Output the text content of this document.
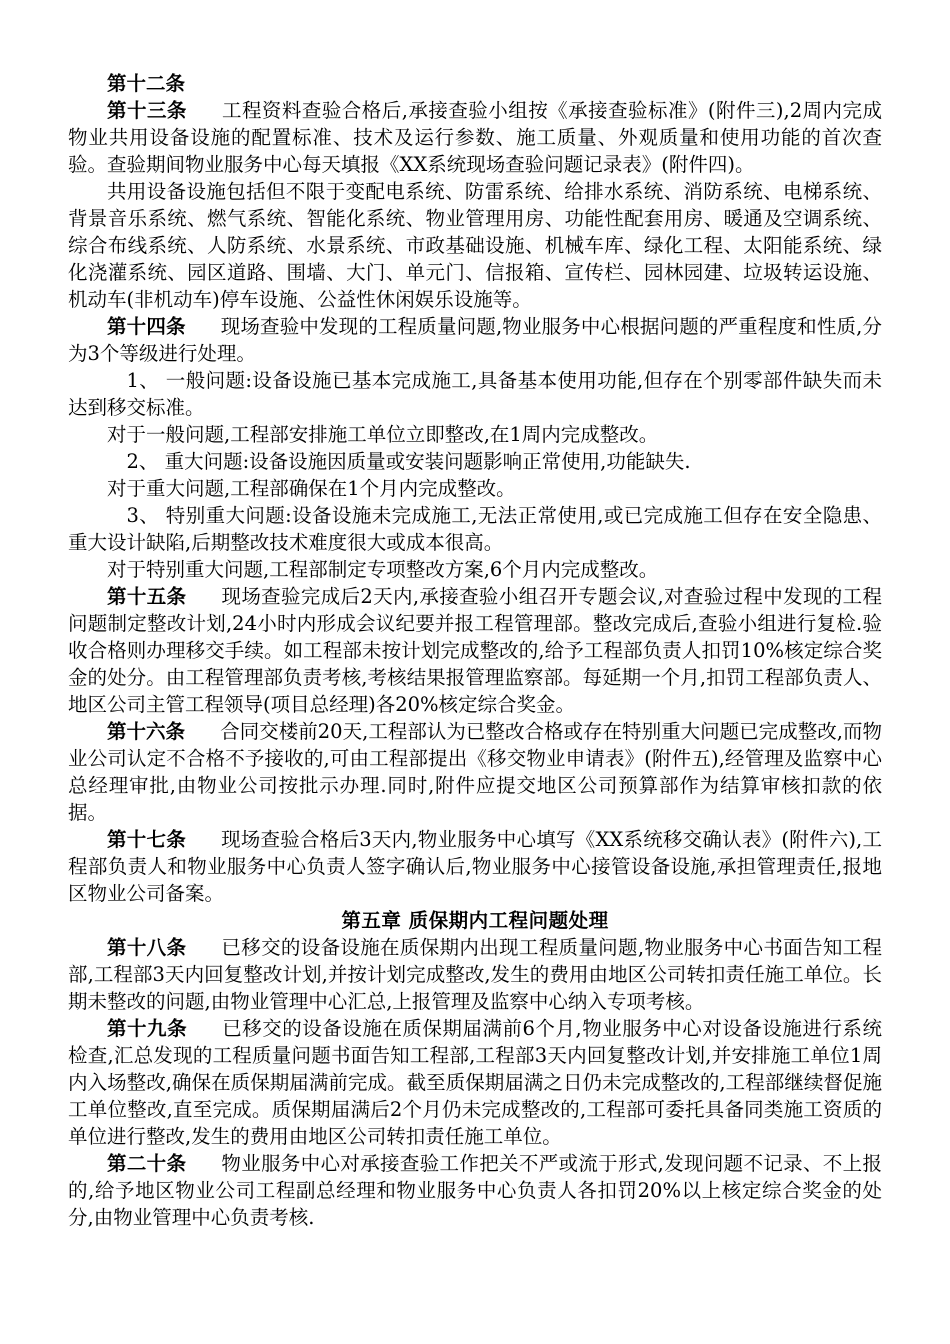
第十二条

第十三条 工程资料查验合格后,承接查验小组按《承接查验标准》(附件三),2周内完成物业共用设备设施的配置标准、技术及运行参数、施工质量、外观质量和使用功能的首次查验。查验期间物业服务中心每天填报《XX系统现场查验问题记录表》(附件四)。

共用设备设施包括但不限于变配电系统、防雷系统、给排水系统、消防系统、电梯系统、背景音乐系统、燃气系统、智能化系统、物业管理用房、功能性配套用房、暖通及空调系统、综合布线系统、人防系统、水景系统、市政基础设施、机械车库、绿化工程、太阳能系统、绿化浇灌系统、园区道路、围墙、大门、单元门、信报箱、宣传栏、园林园建、垃圾转运设施、机动车(非机动车)停车设施、公益性休闲娱乐设施等。

第十四条 现场查验中发现的工程质量问题,物业服务中心根据问题的严重程度和性质,分为3个等级进行处理。

1、 一般问题:设备设施已基本完成施工,具备基本使用功能,但存在个别零部件缺失而未达到移交标准。

对于一般问题,工程部安排施工单位立即整改,在1周内完成整改。

2、 重大问题:设备设施因质量或安装问题影响正常使用,功能缺失.

对于重大问题,工程部确保在1个月内完成整改。

3、 特别重大问题:设备设施未完成施工,无法正常使用,或已完成施工但存在安全隐患、重大设计缺陷,后期整改技术难度很大或成本很高。

对于特别重大问题,工程部制定专项整改方案,6个月内完成整改。

第十五条 现场查验完成后2天内,承接查验小组召开专题会议,对查验过程中发现的工程问题制定整改计划,24小时内形成会议纪要并报工程管理部。整改完成后,查验小组进行复检.验收合格则办理移交手续。如工程部未按计划完成整改的,给予工程部负责人扣罚10%核定综合奖金的处分。由工程管理部负责考核,考核结果报管理监察部。每延期一个月,扣罚工程部负责人、地区公司主管工程领导(项目总经理)各20%核定综合奖金。

第十六条 合同交楼前20天,工程部认为已整改合格或存在特别重大问题已完成整改,而物业公司认定不合格不予接收的,可由工程部提出《移交物业申请表》(附件五),经管理及监察中心总经理审批,由物业公司按批示办理.同时,附件应提交地区公司预算部作为结算审核扣款的依据。

第十七条 现场查验合格后3天内,物业服务中心填写《XX系统移交确认表》(附件六),工程部负责人和物业服务中心负责人签字确认后,物业服务中心接管设备设施,承担管理责任,报地区物业公司备案。

第五章 质保期内工程问题处理

第十八条 已移交的设备设施在质保期内出现工程质量问题,物业服务中心书面告知工程部,工程部3天内回复整改计划,并按计划完成整改,发生的费用由地区公司转扣责任施工单位。长期未整改的问题,由物业管理中心汇总,上报管理及监察中心纳入专项考核。

第十九条 已移交的设备设施在质保期届满前6个月,物业服务中心对设备设施进行系统检查,汇总发现的工程质量问题书面告知工程部,工程部3天内回复整改计划,并安排施工单位1周内入场整改,确保在质保期届满前完成。截至质保期届满之日仍未完成整改的,工程部继续督促施工单位整改,直至完成。质保期届满后2个月仍未完成整改的,工程部可委托具备同类施工资质的单位进行整改,发生的费用由地区公司转扣责任施工单位。

第二十条 物业服务中心对承接查验工作把关不严或流于形式,发现问题不记录、不上报的,给予地区物业公司工程副总经理和物业服务中心负责人各扣罚20%以上核定综合奖金的处分,由物业管理中心负责考核.
